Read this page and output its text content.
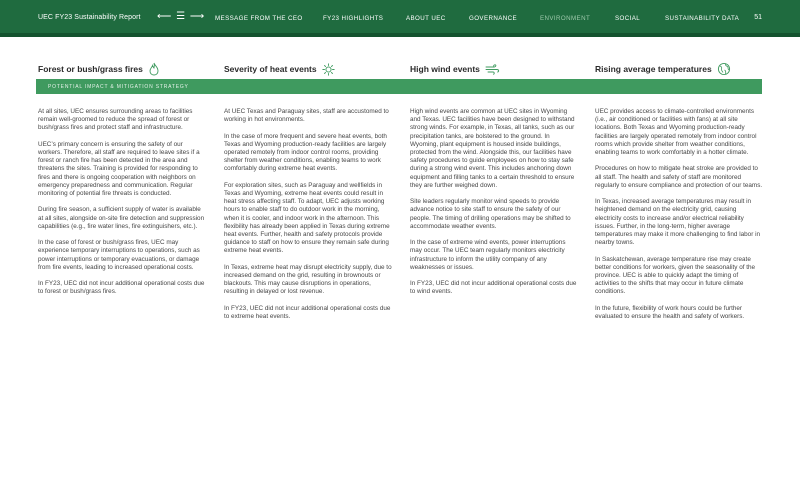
UEC FY23 Sustainability Report ⟵ ☰ ⟶ MESSAGE FROM THE CEO	FY23 HIGHLIGHTS	ABOUT UEC	GOVERNANCE	ENVIRONMENT	SOCIAL	SUSTAINABILITY DATA 51
Forest or bush/grass fires	Severity of heat events	High wind events	Rising average temperatures
POTENTIAL IMPACT & MITIGATION STRATEGY

At all sites, UEC ensures surrounding areas to facilities remain well-groomed to reduce the spread of forest or bush/grass fires and protect staff and infrastructure.

UEC’s primary concern is ensuring the safety of our workers. Therefore, all staff are required to leave sites if a forest or ranch fire has been detected in the area and threatens the sites. Training is provided for responding to fires and there is ongoing cooperation with neighbors on emergency preparedness and communication. Regular monitoring of potential fire threats is conducted.

During fire season, a sufficient supply of water is available at all sites, alongside on-site fire detection and suppression capabilities (e.g., fire water lines, fire extinguishers, etc.).

In the case of forest or bush/grass fires, UEC may experience temporary interruptions to operations, such as power interruptions or temporary evacuations, or damage from fire events, leading to increased operational costs.

In FY23, UEC did not incur additional operational costs due to forest or bush/grass fires.

At UEC Texas and Paraguay sites, staff are accustomed to working in hot environments.

In the case of more frequent and severe heat events, both Texas and Wyoming production-ready facilities are largely operated remotely from indoor control rooms, providing shelter from weather conditions, enabling teams to work comfortably during extreme heat events.

For exploration sites, such as Paraguay and wellfields in Texas and Wyoming, extreme heat events could result in heat stress affecting staff. To adapt, UEC adjusts working hours to enable staff to do outdoor work in the morning, when it is cooler, and indoor work in the afternoon. This flexibility has already been applied in Texas during extreme heat events. Further, health and safety protocols provide guidance to staff on how to ensure they remain safe during extreme heat events.

In Texas, extreme heat may disrupt electricity supply, due to increased demand on the grid, resulting in brownouts or blackouts. This may cause disruptions in operations, resulting in delayed or lost revenue.

In FY23, UEC did not incur additional operational costs due to extreme heat events.

High wind events are common at UEC sites in Wyoming and Texas. UEC facilities have been designed to withstand strong winds. For example, in Texas, all tanks, such as our precipitation tanks, are bolstered to the ground. In Wyoming, plant equipment is housed inside buildings, protected from the wind. Alongside this, our facilities have safety procedures to guide employees on how to stay safe during a strong wind event. This includes anchoring down equipment and filling tanks to a certain threshold to ensure they are further weighed down.

Site leaders regularly monitor wind speeds to provide advance notice to site staff to ensure the safety of our people. The timing of drilling operations may be shifted to accommodate weather events.

In the case of extreme wind events, power interruptions may occur. The UEC team regularly monitors electricity infrastructure to inform the utility company of any weaknesses or issues.

In FY23, UEC did not incur additional operational costs due to wind events.

UEC provides access to climate-controlled environments (i.e., air conditioned or facilities with fans) at all site locations. Both Texas and Wyoming production-ready facilities are largely operated remotely from indoor control rooms which provide shelter from weather conditions, enabling teams to work comfortably in a hotter climate.

Procedures on how to mitigate heat stroke are provided to all staff. The health and safety of staff are monitored regularly to ensure compliance and protection of our teams.

In Texas, increased average temperatures may result in heightened demand on the electricity grid, causing electricity costs to increase and/or electrical reliability issues. Further, in the long-term, higher average temperatures may make it more challenging to find labor in nearby towns.

In Saskatchewan, average temperature rise may create better conditions for workers, given the seasonality of the province. UEC is able to quickly adapt the timing of activities to the shifts that may occur in future climate conditions.

In the future, flexibility of work hours could be further evaluated to ensure the health and safety of workers.
